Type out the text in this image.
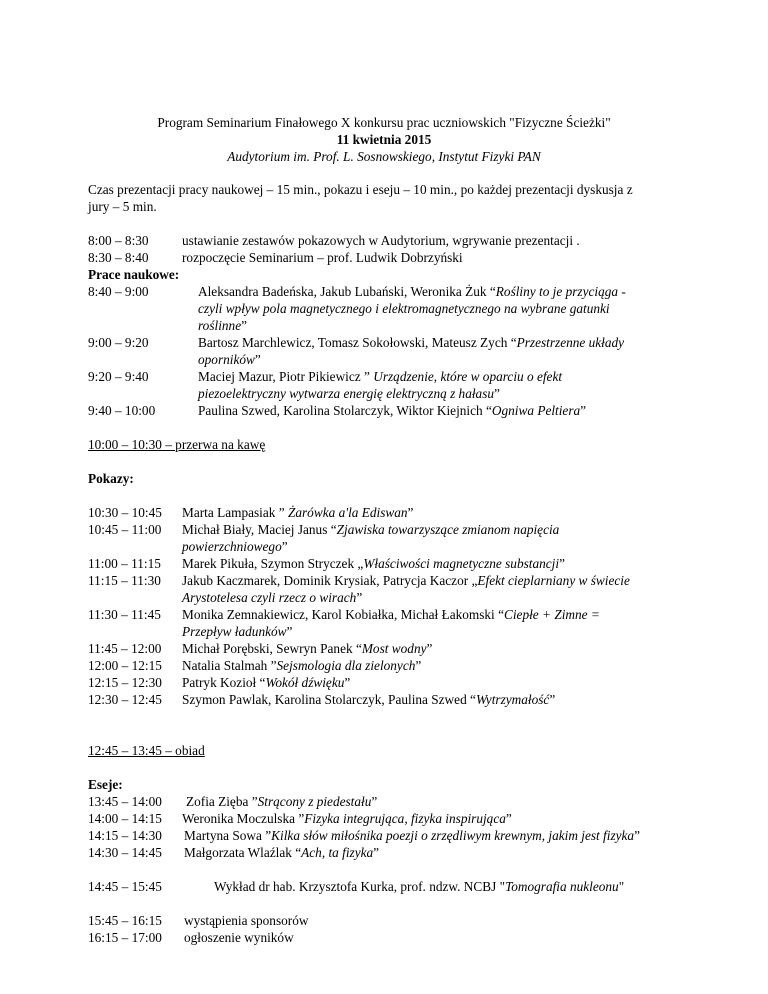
Program Seminarium Finałowego X konkursu prac uczniowskich "Fizyczne Ścieżki"
11 kwietnia 2015
Audytorium im. Prof. L. Sosnowskiego, Instytut Fizyki PAN
Czas prezentacji pracy naukowej – 15 min., pokazu i eseju – 10 min., po każdej prezentacji dyskusja z
jury – 5 min.
8:00 – 8:30	ustawianie zestawów pokazowych w Audytorium, wgrywanie prezentacji .
8:30 – 8:40	rozpoczęcie Seminarium – prof. Ludwik Dobrzyński
Prace naukowe:
8:40 – 9:00	Aleksandra Badeńska, Jakub Lubański, Weronika Żuk “Rośliny to je przyciąga -
czyli wpływ pola magnetycznego i elektromagnetycznego na wybrane gatunki
roślinne”
9:00 – 9:20	Bartosz Marchlewicz, Tomasz Sokołowski, Mateusz Zych “Przestrzenne układy
oporników”
9:20 – 9:40	Maciej Mazur, Piotr Pikiewicz ” Urządzenie, które w oparciu o efekt
piezoelektryczny wytwarza energię elektryczną z hałasu”
9:40 – 10:00	Paulina Szwed, Karolina Stolarczyk, Wiktor Kiejnich “Ogniwa Peltiera”
10:00 – 10:30 – przerwa na kawę
Pokazy:
10:30 – 10:45 Marta Lampasiak ” Żarówka a'la Ediswan”
10:45 – 11:00 Michał Biały, Maciej Janus “Zjawiska towarzyszące zmianom napięcia
powierzchniowego”
11:00 – 11:15 Marek Pikuła, Szymon Stryczek „Właściwości magnetyczne substancji”
11:15 – 11:30 Jakub Kaczmarek, Dominik Krysiak, Patrycja Kaczor „Efekt cieplarniany w świecie
Arystotelesa czyli rzecz o wirach”
11:30 – 11:45 Monika Zemnakiewicz, Karol Kobiałka, Michał Łakomski “Ciepłe + Zimne =
Przepływ ładunków”
11:45 – 12:00 Michał Porębski, Sewryn Panek “Most wodny”
12:00 – 12:15 Natalia Stalmah ”Sejsmologia dla zielonych”
12:15 – 12:30 Patryk Kozioł “Wokół dźwięku”
12:30 – 12:45 Szymon Pawlak, Karolina Stolarczyk, Paulina Szwed “Wytrzymałość”
12:45 – 13:45 – obiad
Eseje:
13:45 – 14:00 Zofia Zięba ”Strącony z piedestału”
14:00 – 14:15 Weronika Moczulska ”Fizyka integrująca, fizyka inspirująca”
14:15 – 14:30 Martyna Sowa ”Kilka słów miłośnika poezji o zrzędliwym krewnym, jakim jest fizyka”
14:30 – 14:45 Małgorzata Wlaźlak “Ach, ta fizyka”
14:45 – 15:45	Wykład dr hab. Krzysztofa Kurka, prof. ndzw. NCBJ "Tomografia nukleonu"
15:45 – 16:15 wystąpienia sponsorów
16:15 – 17:00 ogłoszenie wyników
